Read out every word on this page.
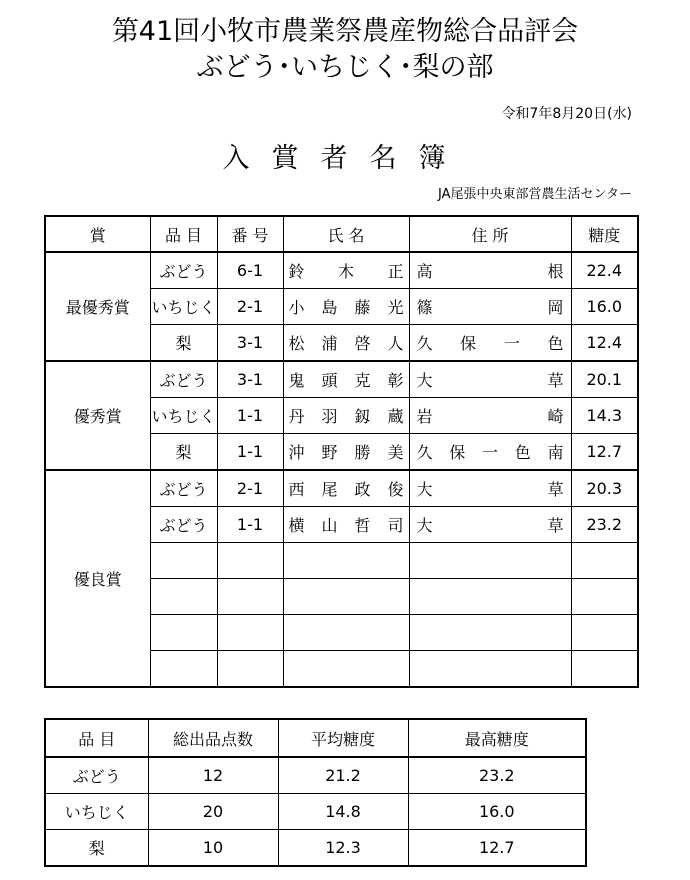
第41回小牧市農業祭農産物総合品評会
ぶどう･いちじく･梨の部
令和7年8月20日(水)
入賞者名簿
JA尾張中央東部営農生活センター
賞	品 目	番 号	氏 名	住 所	糖度
最優秀賞	ぶどう	6-1	鈴木正	高根	22.4
	いちじく	2-1	小島藤光	篠岡	16.0
	梨	3-1	松浦啓人	久保一色	12.4
優秀賞	ぶどう	3-1	鬼頭克彰	大草	20.1
	いちじく	1-1	丹羽釼蔵	岩崎	14.3
	梨	1-1	沖野勝美	久保一色南	12.7
優良賞	ぶどう	2-1	西尾政俊	大草	20.3
	ぶどう	1-1	横山哲司	大草	23.2

品 目	総出品点数	平均糖度	最高糖度
ぶどう	12	21.2	23.2
いちじく	20	14.8	16.0
梨	10	12.3	12.7
